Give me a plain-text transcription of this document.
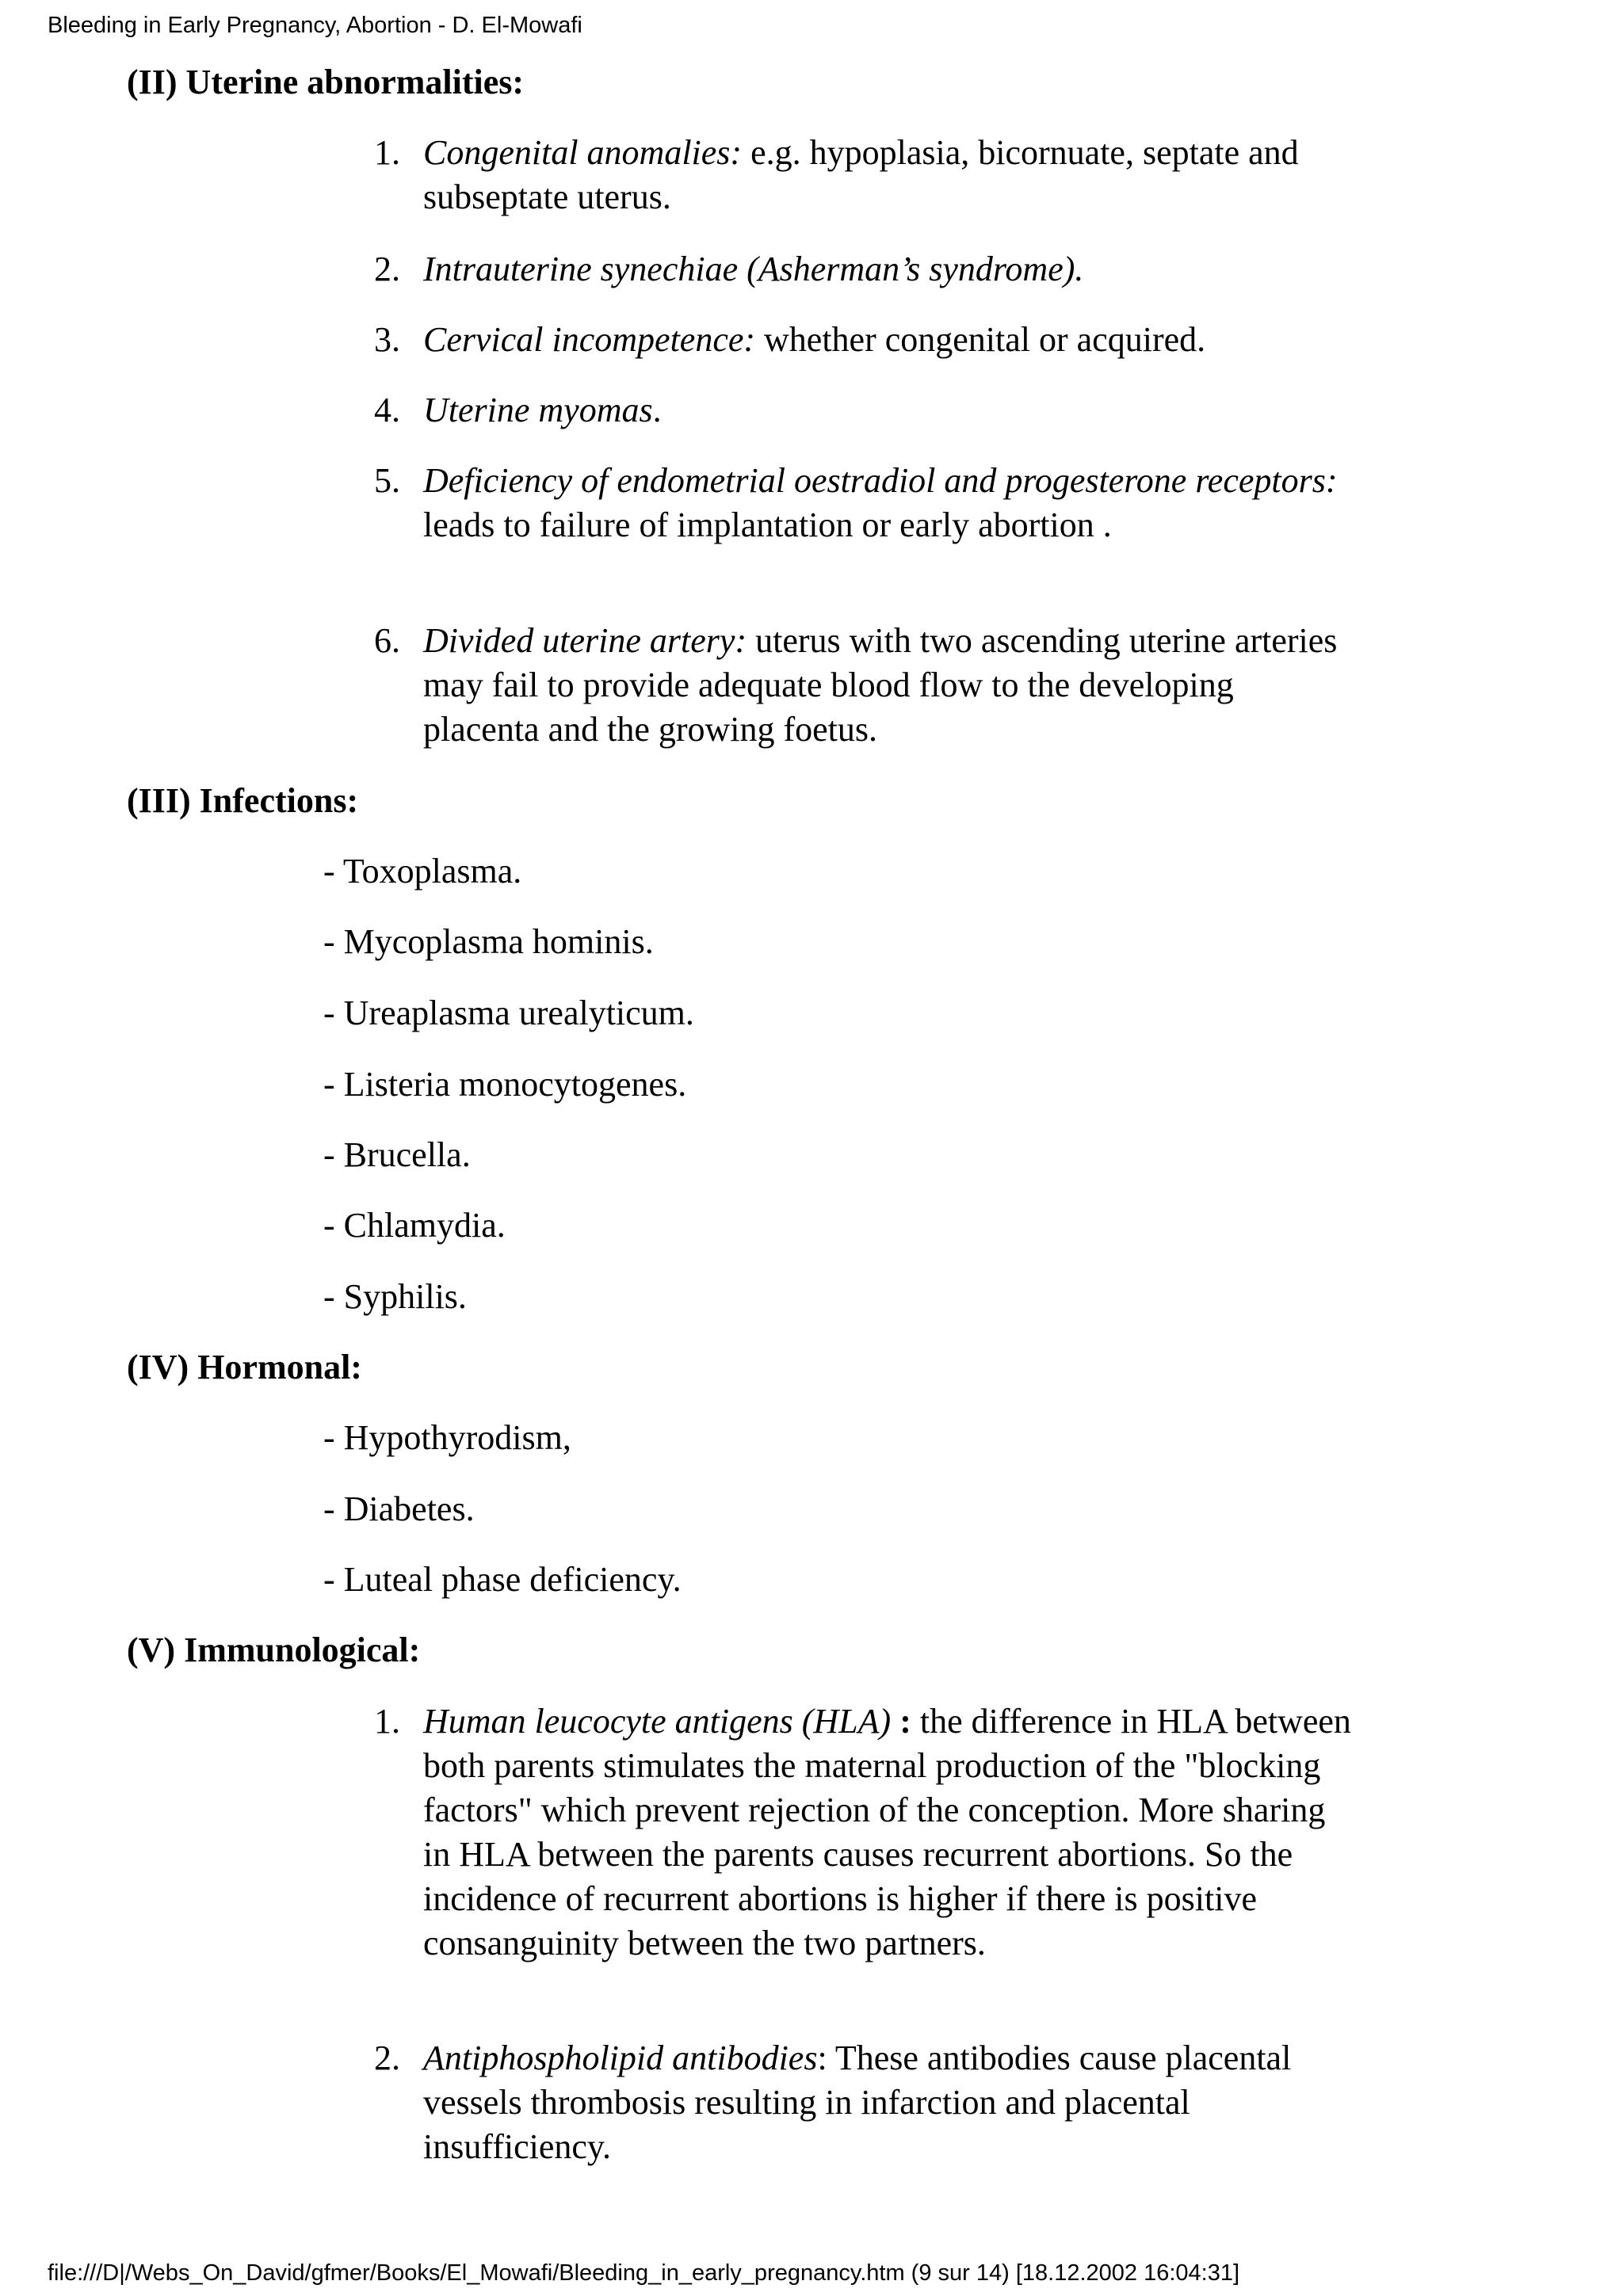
Bleeding in Early Pregnancy, Abortion - D. El-Mowafi
(II) Uterine abnormalities:
1. Congenital anomalies: e.g. hypoplasia, bicornuate, septate and subseptate uterus.
2. Intrauterine synechiae (Asherman’s syndrome).
3. Cervical incompetence: whether congenital or acquired.
4. Uterine myomas.
5. Deficiency of endometrial oestradiol and progesterone receptors: leads to failure of implantation or early abortion .
6. Divided uterine artery: uterus with two ascending uterine arteries may fail to provide adequate blood flow to the developing placenta and the growing foetus.
(III) Infections:
- Toxoplasma.
- Mycoplasma hominis.
- Ureaplasma urealyticum.
- Listeria monocytogenes.
- Brucella.
- Chlamydia.
- Syphilis.
(IV) Hormonal:
- Hypothyrodism,
- Diabetes.
- Luteal phase deficiency.
(V) Immunological:
1. Human leucocyte antigens (HLA) : the difference in HLA between both parents stimulates the maternal production of the "blocking factors" which prevent rejection of the conception. More sharing in HLA between the parents causes recurrent abortions. So the incidence of recurrent abortions is higher if there is positive consanguinity between the two partners.
2. Antiphospholipid antibodies: These antibodies cause placental vessels thrombosis resulting in infarction and placental insufficiency.
file:///D|/Webs_On_David/gfmer/Books/El_Mowafi/Bleeding_in_early_pregnancy.htm (9 sur 14) [18.12.2002 16:04:31]
